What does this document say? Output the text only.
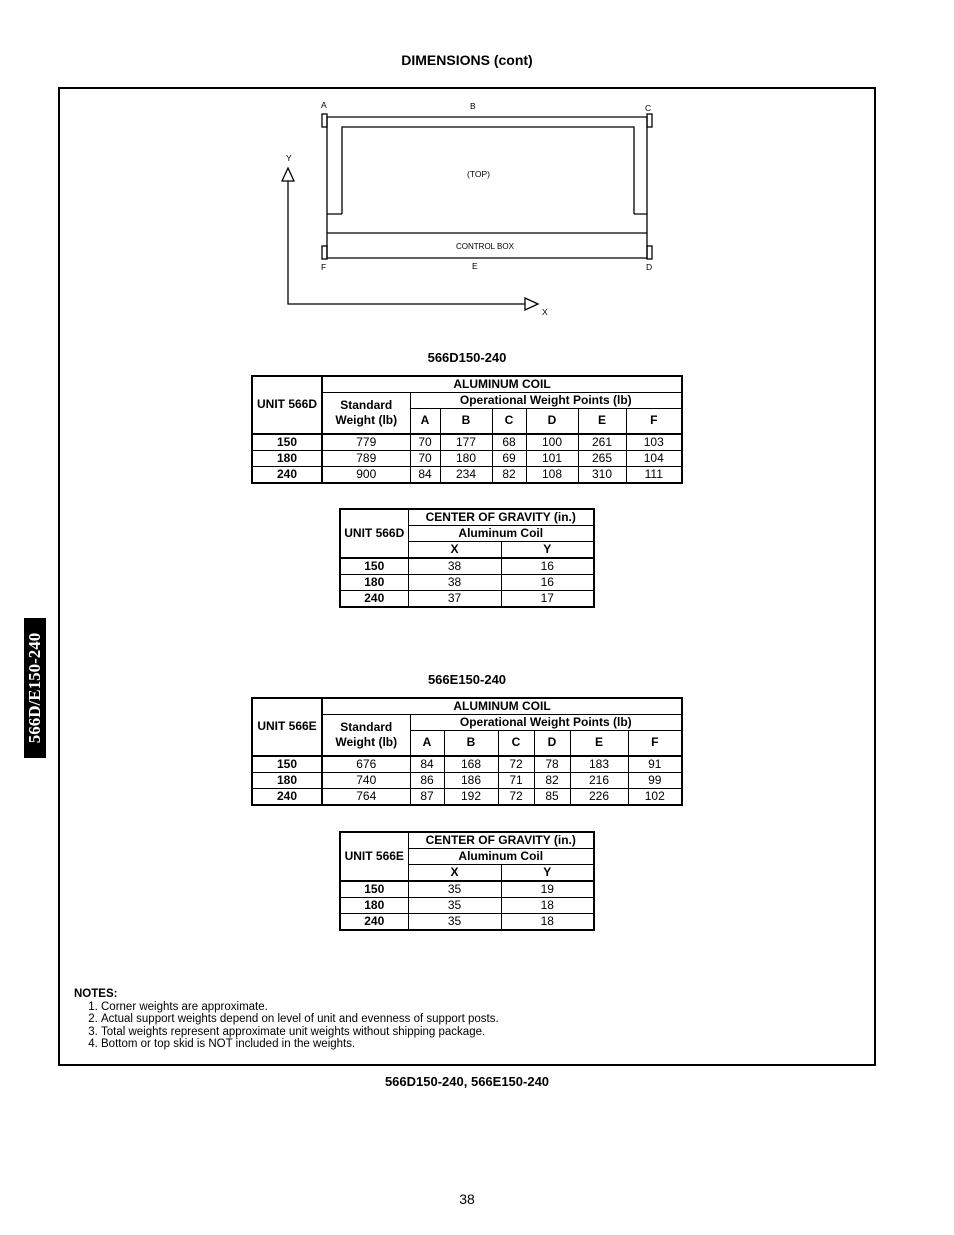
DIMENSIONS (cont)
566D/E150-240
A	B	C
D
E
F
(TOP)
CONTROL BOX
Y
X
566D150-240
UNIT 566D	ALUMINUM COIL						
	Standard Weight (lb)	Operational Weight Points (lb)					
		A	B	C	D	E	F
150	779	70	177	68	100	261	103
180	789	70	180	69	101	265	104
240	900	84	234	82	108	310	111
UNIT 566D	CENTER OF GRAVITY (in.)	
	Aluminum Coil	
	X	Y
150	38	16
180	38	16
240	37	17
566E150-240
UNIT 566E	ALUMINUM COIL						
	Standard Weight (lb)	Operational Weight Points (lb)					
		A	B	C	D	E	F
150	676	84	168	72	78	183	91
180	740	86	186	71	82	216	99
240	764	87	192	72	85	226	102
UNIT 566E	CENTER OF GRAVITY (in.)	
	Aluminum Coil	
	X	Y
150	35	19
180	35	18
240	35	18
NOTES:
1. Corner weights are approximate.
2. Actual support weights depend on level of unit and evenness of support posts.
3. Total weights represent approximate unit weights without shipping package.
4. Bottom or top skid is NOT included in the weights.
566D150-240, 566E150-240
38
